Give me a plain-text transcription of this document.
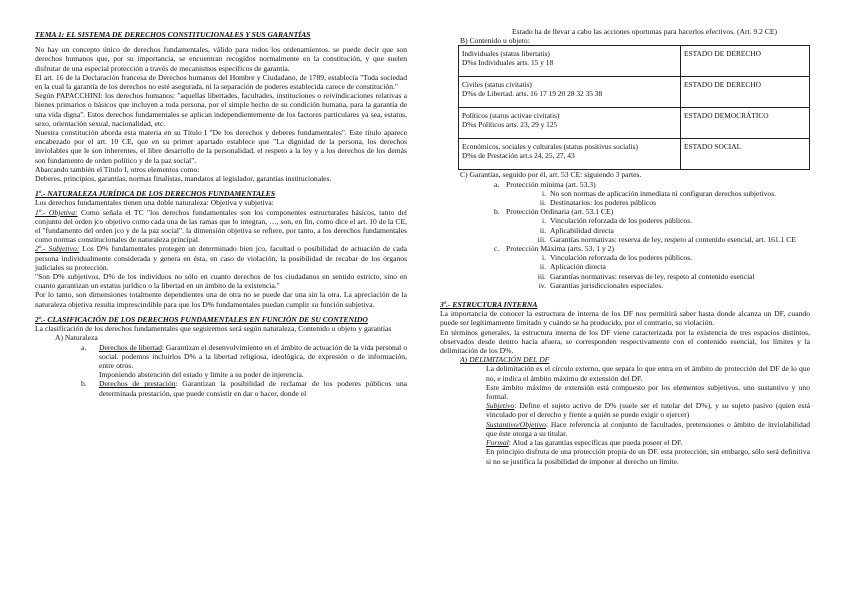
TEMA 1: EL SISTEMA DE DERECHOS CONSTITUCIONALES Y SUS GARANTÍAS

No hay un concepto único de derechos fundamentales, válido para todos los ordenamientos. se puede decir que son derechos humanos que, por su importancia, se encuentran recogidos normalmente en la constitución, y que suelen disfrutar de una especial protección a través de mecanismos específicos de garantía.

El art. 16 de la Declaración francesa de Derechos humanos del Hombre y Ciudadano, de 1789, establecía "Toda sociedad en la cual la garantía de los derechos no esté asegurada, ni la separación de poderes establecida carece de constitución."

Según PAPACCHINI: los derechos humanos: "aquellas libertades, facultades, instituciones o reivindicaciones relativas a bienes primarios o básicos que incluyen a toda persona, por el simple hecho de su condición humana, para la garantía de una vida digna". Estos derechos fundamentales se aplican independientemente de los factores particulares ya sea, estatus, sexo, orientación sexual, nacionalidad, etc.

Nuestra constitución aborda esta materia en su Título I "De los derechos y deberes fundamentales". Este título aparece encabezado por el art. 10 CE, que en su primer apartado establece que "La dignidad de la persona, los derechos inviolables que le son inherentes, el libre desarrollo de la personalidad, el respeto a la ley y a los derechos de los demás son fundamento de orden político y de la paz social".

Abarcando también el Título I, otros elementos como:

Deberes, principios, garantías, normas finalistas, mandatos al legislador, garantías institucionales.

1º.- NATURALEZA JURÍDICA DE LOS DERECHOS FUNDAMENTALES

Los derechos fundamentales tienen una doble naturaleza: Objetiva y subjetiva:

1º.- Objetiva: Como señala el TC "los derechos fundamentales son los componentes estructurales básicos, tanto del conjunto del orden jco objetivo como cada una de las ramas que lo integran, …, son, en fin, como dice el art. 10 de la CE, el "fundamento del orden jco y de la paz social". la dimensión objetiva se refiere, por tanto, a los derechos fundamentales como normas constitucionales de naturaleza principal.

2º.- Subjetivo: Los D% fundamentales protegen un determinado bien jco, facultad o posibilidad de actuación de cada persona individualmente considerada y genera en ésta, en caso de violación, la posibilidad de recabar de los órganos judiciales su protección.

"Son D% subjetivos, D% de los individuos no sólo en cuanto derechos de los ciudadanos en sentido estricto, sino en cuanto garantizan un estatus jurídico o la libertad en un ámbito de la existencia."

Por lo tanto, son dimensiones totalmente dependientes una de otra no se puede dar una sin la otra. La apreciación de la naturaleza objetiva resulta imprescindible para que los D% fundamentales puedan cumplir su función subjetiva.

2º.- CLASIFICACIÓN DE LOS DERECHOS FUNDAMENTALES EN FUNCIÓN DE SU CONTENIDO

La clasificación de los derechos fundamentales que seguiremos será según naturaleza, Contenido u objeto y garantías

A) Naturaleza

a.	Derechos de libertad: Garantizan el desenvolvimiento en el ámbito de actuación de la vida personal o social. podemos incluirlos D% a la libertad religiosa, ideológica, de expresión o de información, entre otros.
Imponiendo abstención del estado y límite a su poder de injerencia.

b.	Derechos de prestación: Garantizan la posibilidad de reclamar de los poderes públicos una determinada prestación, que puede consistir en dar o hacer, donde el

Estado ha de llevar a cabo las acciones oportunas para hacerlos efectivos. (Art. 9.2 CE)

B) Contenido u objeto:

Individuales (status libertatis)
D%s Individuales arts. 15 y 18	ESTADO DE DERECHO
Civiles (status civitatis)
D%s de Libertad. arts. 16 17 19 20 28 32 35 38	ESTADO DE DERECHO
Políticos (status activae civitatis)
D%s Políticos arts. 23, 29 y 125	ESTADO DEMOCRÁTICO
Económicos, sociales y culturales (status positivus socialis)
D%s de Prestación art.s 24, 25, 27, 43	ESTADO SOCIAL

C) Garantías, seguido por él, art. 53 CE: siguiendo 3 partes.

a. Protección mínima (art. 53.3)
i. No son normas de aplicación inmediata ni configuran derechos subjetivos.

ii. Destinatarios: los poderes públicos

b. Protección Ordinaria (art. 53.1 CE)
i. Vinculación reforzada de los poderes públicos.

ii. Aplicabilidad directa

iii. Garantías normativas: reserva de ley, respeto al contenido esencial, art. 161.1 CE

c. Protección Máxima (arts. 53, 1 y 2)
i. Vinculación reforzada de los poderes públicos.

ii. Aplicación directa

iii. Garantías normativas: reservas de ley, respeto al contenido esencial

iv. Garantías jurisdiccionales especiales.

3º.- ESTRUCTURA INTERNA

La importancia de conocer la estructura de interna de los DF nos permitirá saber hasta donde alcanza un DF, cuando puede ser legítimamente limitado y cuándo se ha producido, por el contrario, su violación.

En términos generales, la estructura interna de los DF viene caracterizada por la existencia de tres espacios distintos, observados desde dentro hacia afuera, se corresponden respectivamente con el contenido esencial, los límites y la delimitación de los D%.

A) DELIMITACIÓN DEL DF

La delimitación es el círculo externo, que separa lo que entra en el ámbito de protección del DF de lo que no, e indica el ámbito máximo de extensión del DF.

Este ámbito máximo de extensión está compuesto por los elementos subjetivos, uno sustantivo y uno formal.

Subjetivo: Define el sujeto activo de D% (suele ser el tutelar del D%), y su sujeto pasivo (quien está vinculado por el derecho y frente a quién se puede exigir o ejercer)

Sustantivo/Objetivo: Hace referencia al conjunto de facultades, pretensiones o ámbito de inviolabilidad que éste otorga a su titular.

Formal: Alud a las garantías específicas que pueda poseer el DF.

En principio disfruta de una protección propia de un DF. esta protección, sin embargo, sólo será definitiva si no se justifica la posibilidad de imponer al derecho un límite.
